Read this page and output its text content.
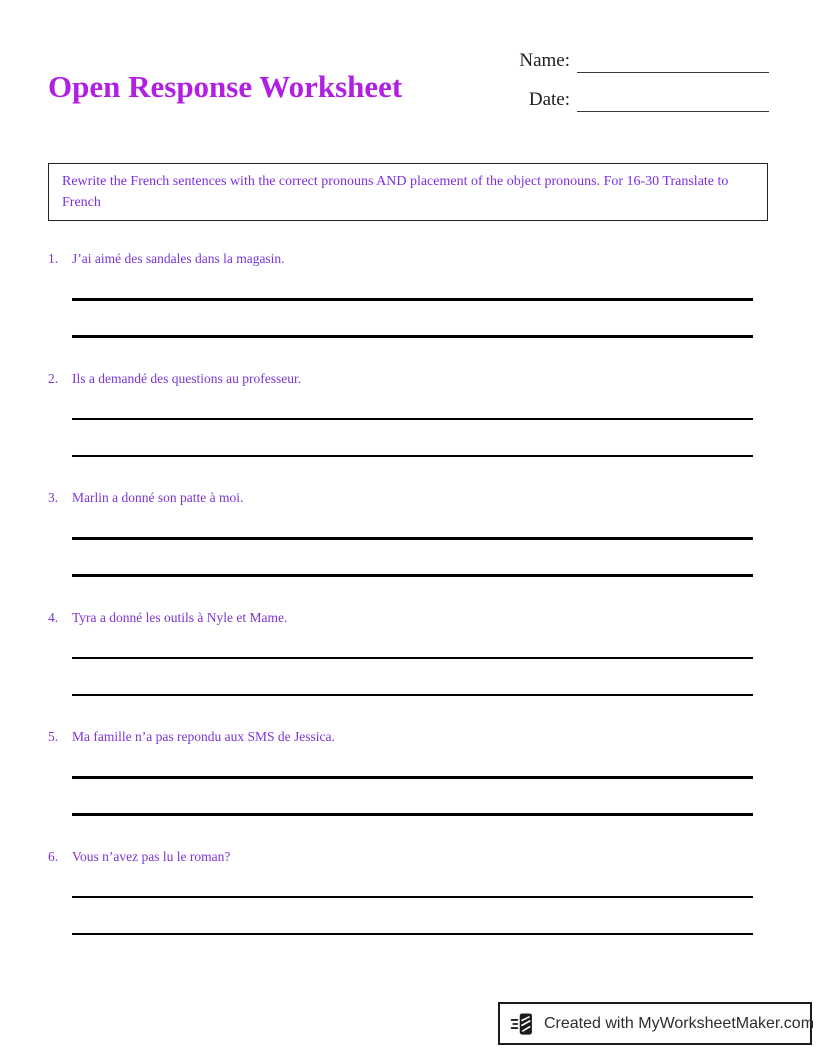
Open Response Worksheet
Name:
Date:
Rewrite the French sentences with the correct pronouns AND placement of the object pronouns. For 16-30 Translate to French
1.	J’ai aimé des sandales dans la magasin.
2.	Ils a demandé des questions au professeur.
3.	Marlin a donné son patte à moi.
4.	Tyra a donné les outils à Nyle et Mame.
5.	Ma famille n’a pas repondu aux SMS de Jessica.
6.	Vous n’avez pas lu le roman?
Created with MyWorksheetMaker.com
